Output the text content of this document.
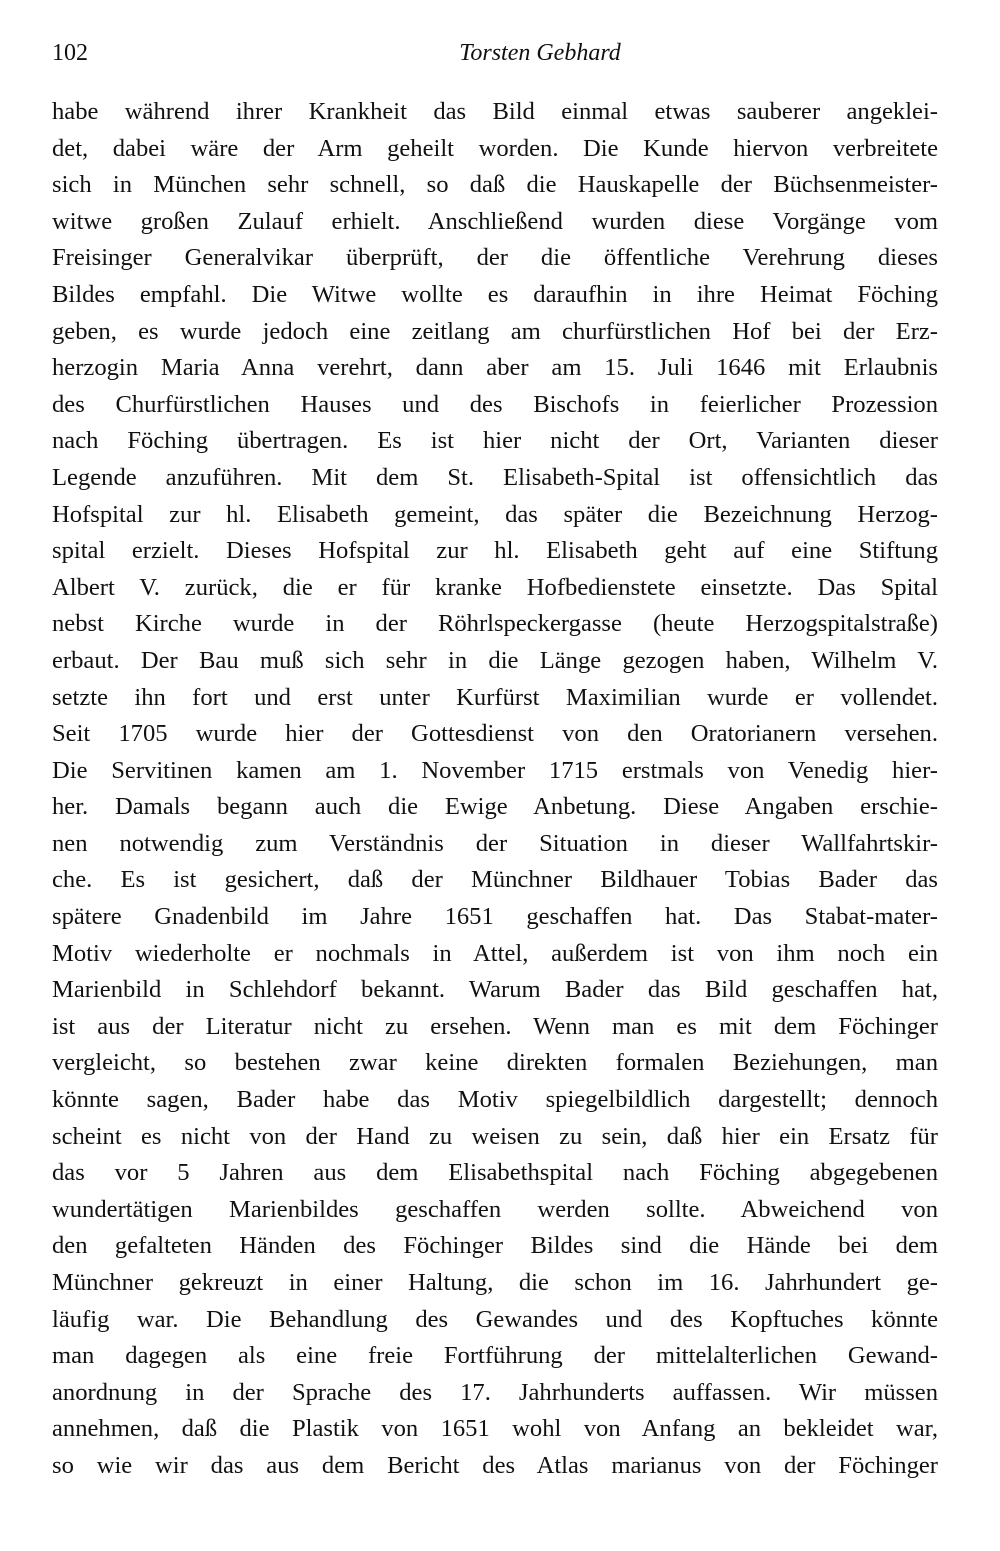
102	Torsten Gebhard
habe während ihrer Krankheit das Bild einmal etwas sauberer angeklei-
det, dabei wäre der Arm geheilt worden. Die Kunde hiervon verbreitete
sich in München sehr schnell, so daß die Hauskapelle der Büchsenmeister-
witwe großen Zulauf erhielt. Anschließend wurden diese Vorgänge vom
Freisinger Generalvikar überprüft, der die öffentliche Verehrung dieses
Bildes empfahl. Die Witwe wollte es daraufhin in ihre Heimat Föching
geben, es wurde jedoch eine zeitlang am churfürstlichen Hof bei der Erz-
herzogin Maria Anna verehrt, dann aber am 15. Juli 1646 mit Erlaubnis
des Churfürstlichen Hauses und des Bischofs in feierlicher Prozession
nach Föching übertragen. Es ist hier nicht der Ort, Varianten dieser
Legende anzuführen. Mit dem St. Elisabeth-Spital ist offensichtlich das
Hofspital zur hl. Elisabeth gemeint, das später die Bezeichnung Herzog-
spital erzielt. Dieses Hofspital zur hl. Elisabeth geht auf eine Stiftung
Albert V. zurück, die er für kranke Hofbedienstete einsetzte. Das Spital
nebst Kirche wurde in der Röhrlspeckergasse (heute Herzogspitalstraße)
erbaut. Der Bau muß sich sehr in die Länge gezogen haben, Wilhelm V.
setzte ihn fort und erst unter Kurfürst Maximilian wurde er vollendet.
Seit 1705 wurde hier der Gottesdienst von den Oratorianern versehen.
Die Servitinen kamen am 1. November 1715 erstmals von Venedig hier-
her. Damals begann auch die Ewige Anbetung. Diese Angaben erschie-
nen notwendig zum Verständnis der Situation in dieser Wallfahrtskir-
che. Es ist gesichert, daß der Münchner Bildhauer Tobias Bader das
spätere Gnadenbild im Jahre 1651 geschaffen hat. Das Stabat-mater-
Motiv wiederholte er nochmals in Attel, außerdem ist von ihm noch ein
Marienbild in Schlehdorf bekannt. Warum Bader das Bild geschaffen hat,
ist aus der Literatur nicht zu ersehen. Wenn man es mit dem Föchinger
vergleicht, so bestehen zwar keine direkten formalen Beziehungen, man
könnte sagen, Bader habe das Motiv spiegelbildlich dargestellt; dennoch
scheint es nicht von der Hand zu weisen zu sein, daß hier ein Ersatz für
das vor 5 Jahren aus dem Elisabethspital nach Föching abgegebenen
wundertätigen Marienbildes geschaffen werden sollte. Abweichend von
den gefalteten Händen des Föchinger Bildes sind die Hände bei dem
Münchner gekreuzt in einer Haltung, die schon im 16. Jahrhundert ge-
läufig war. Die Behandlung des Gewandes und des Kopftuches könnte
man dagegen als eine freie Fortführung der mittelalterlichen Gewand-
anordnung in der Sprache des 17. Jahrhunderts auffassen. Wir müssen
annehmen, daß die Plastik von 1651 wohl von Anfang an bekleidet war,
so wie wir das aus dem Bericht des Atlas marianus von der Föchinger
